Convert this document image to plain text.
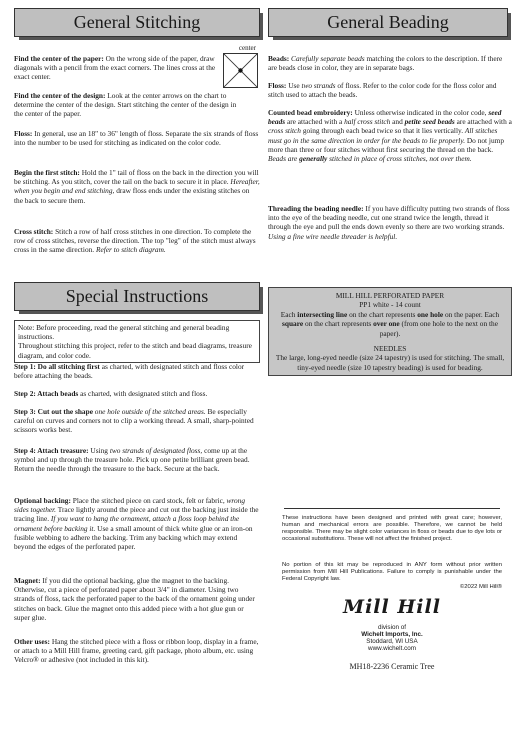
General Stitching
center

Find the center of the paper: On the wrong side of the paper, draw diagonals with a pencil from the exact corners. The lines cross at the exact center.

Find the center of the design: Look at the center arrows on the chart to determine the center of the design. Start stitching the center of the design in the center of the paper.

Floss: In general, use an 18" to 36" length of floss. Separate the six strands of floss into the number to be used for stitching as indicated on the color code.

Begin the first stitch: Hold the 1" tail of floss on the back in the direction you will be stitching. As you stitch, cover the tail on the back to secure it in place. Hereafter, when you begin and end stitching, draw floss ends under the existing stitches on the back to secure them.

Cross stitch: Stitch a row of half cross stitches in one direction. To complete the row of cross stitches, reverse the direction. The top "leg" of the stitch must always cross in the same direction. Refer to stitch diagram.

Special Instructions
Note: Before proceeding, read the general stitching and general beading instructions.
Throughout stitching this project, refer to the stitch and bead diagrams, treasure diagram, and color code.

Step 1: Do all stitching first as charted, with designated stitch and floss color before attaching the beads.

Step 2: Attach beads as charted, with designated stitch and floss.

Step 3: Cut out the shape one hole outside of the stitched areas. Be especially careful on curves and corners not to clip a working thread. A small, sharp-pointed scissors works best.

Step 4: Attach treasure: Using two strands of designated floss, come up at the symbol and up through the treasure hole. Pick up one petite brilliant green bead. Return the needle through the treasure to the back. Secure at the back.

Optional backing: Place the stitched piece on card stock, felt or fabric, wrong sides together. Trace lightly around the piece and cut out the backing just inside the tracing line. If you want to hang the ornament, attach a floss loop behind the ornament before backing it. Use a small amount of thick white glue or an iron-on fusible webbing to adhere the backing. Trim any backing which may extend beyond the edges of the perforated paper.

Magnet: If you did the optional backing, glue the magnet to the backing. Otherwise, cut a piece of perforated paper about 3/4" in diameter. Using two strands of floss, tack the perforated paper to the back of the ornament going under stitches on back. Glue the magnet onto this added piece with a hot glue gun or super glue.

Other uses: Hang the stitched piece with a floss or ribbon loop, display in a frame, or attach to a Mill Hill frame, greeting card, gift package, photo album, etc. using Velcro® or adhesive (not included in this kit).

General Beading

Beads: Carefully separate beads matching the colors to the description. If there are beads close in color, they are in separate bags.

Floss: Use two strands of floss. Refer to the color code for the floss color and stitch used to attach the beads.

Counted bead embroidery: Unless otherwise indicated in the color code, seed beads are attached with a half cross stitch and petite seed beads are attached with a cross stitch going through each bead twice so that it lies vertically. All stitches must go in the same direction in order for the beads to lie properly. Do not jump more than three or four stitches without first securing the thread on the back. Beads are generally stitched in place of cross stitches, not over them.

Threading the beading needle: If you have difficulty putting two strands of floss into the eye of the beading needle, cut one strand twice the length, thread it through the eye and pull the ends down evenly so there are two working strands. Using a fine wire needle threader is helpful.

MILL HILL PERFORATED PAPER
PP1 white - 14 count
Each intersecting line on the chart represents one hole on the paper. Each square on the chart represents over one (from one hole to the next on the paper).
NEEDLES
The large, long-eyed needle (size 24 tapestry) is used for stitching. The small, tiny-eyed needle (size 10 tapestry beading) is used for beading.
These instructions have been designed and printed with great care; however, human and mechanical errors are possible. Therefore, we cannot be held responsible. There may be slight color variances in floss or beads due to dye lots or occasional substitutions. These will not affect the finished project.
No portion of this kit may be reproduced in ANY form without prior written permission from Mill Hill Publications. Failure to comply is punishable under the Federal Copyright law.
©2022 Mill Hill®
Mill Hill
division of
Wichelt Imports, Inc.
Stoddard, WI USA
www.wichelt.com
MH18-2236 Ceramic Tree
